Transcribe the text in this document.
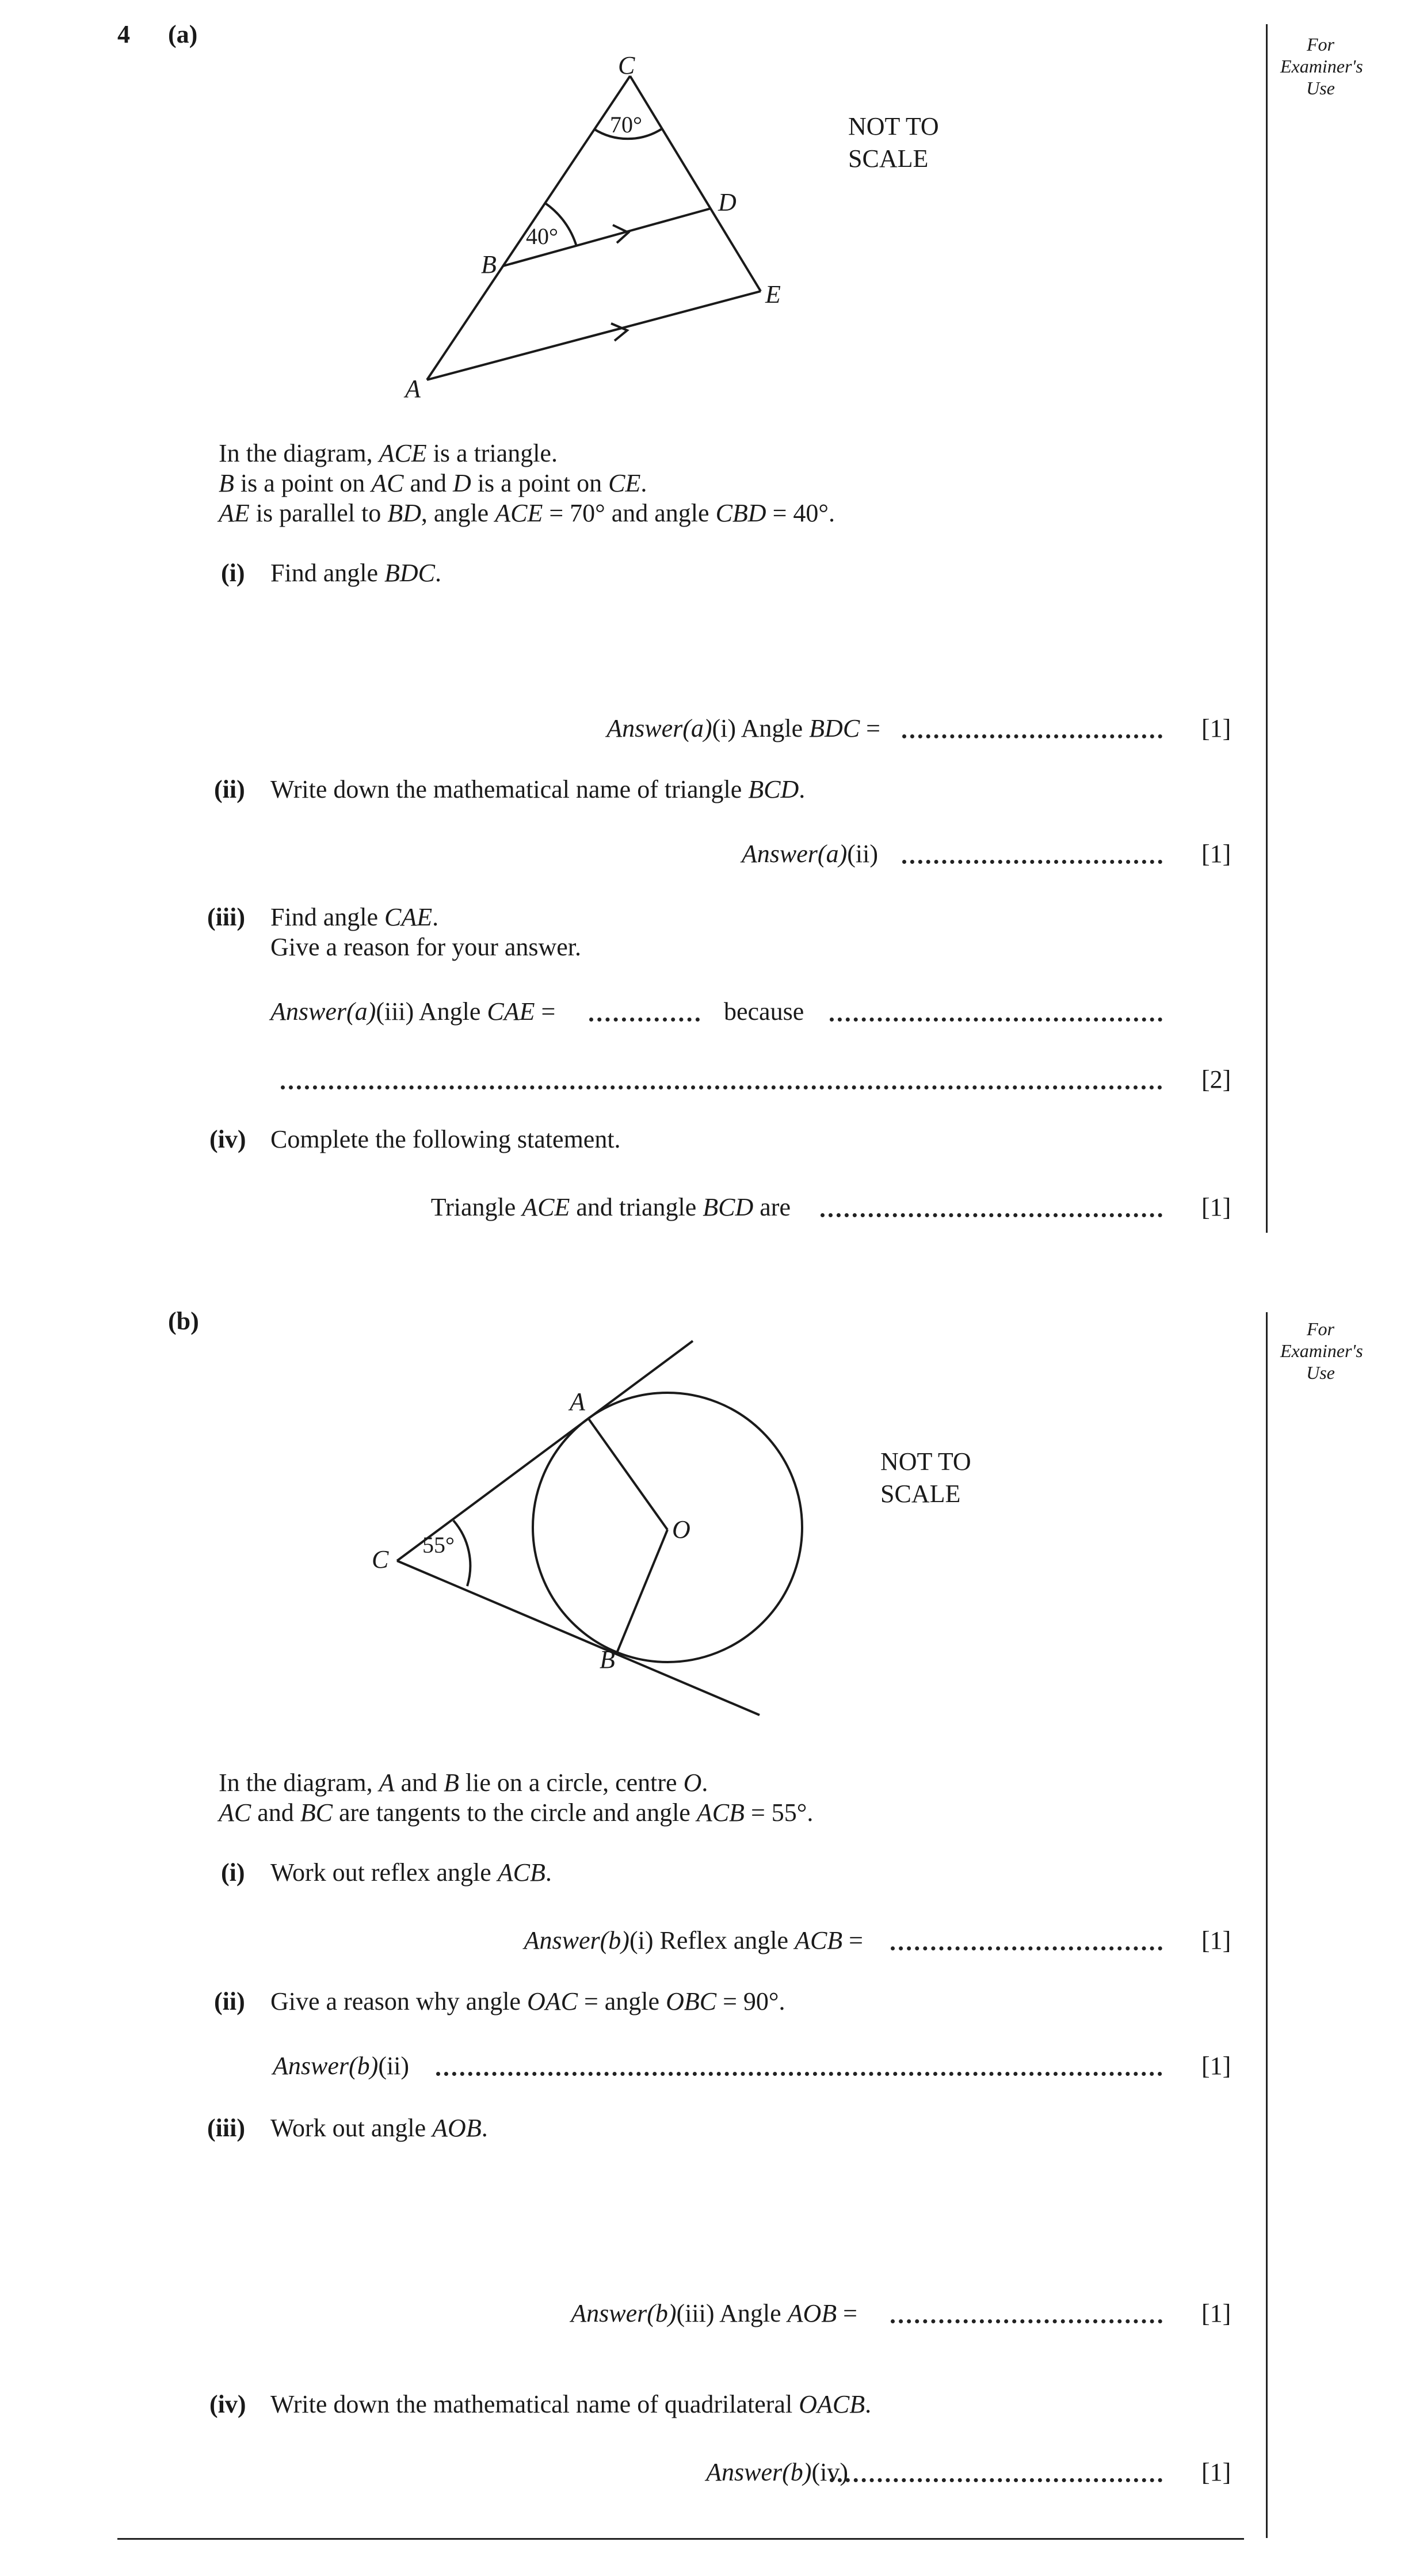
4 (a)	For Examiner's Use
C
D
B
E
A
70°
40°
NOT TO
SCALE
In the diagram, ACE is a triangle.
B is a point on AC and D is a point on CE.
AE is parallel to BD, angle ACE = 70° and angle CBD = 40°.
(i) Find angle BDC.
Answer(a)(i) Angle BDC =	[1]
(ii) Write down the mathematical name of triangle BCD.
Answer(a)(ii)	[1]
(iii) Find angle CAE.
Give a reason for your answer.
Answer(a)(iii) Angle CAE =	because
[2]
(iv) Complete the following statement.
Triangle ACE and triangle BCD are	[1]
(b)	For Examiner's Use
A
O
C
B
55°
NOT TO
SCALE
In the diagram, A and B lie on a circle, centre O.
AC and BC are tangents to the circle and angle ACB = 55°.
(i) Work out reflex angle ACB.
Answer(b)(i) Reflex angle ACB =	[1]
(ii) Give a reason why angle OAC = angle OBC = 90°.
Answer(b)(ii)	[1]
(iii) Work out angle AOB.
Answer(b)(iii) Angle AOB =	[1]
(iv) Write down the mathematical name of quadrilateral OACB.
Answer(b)(iv)	[1]
